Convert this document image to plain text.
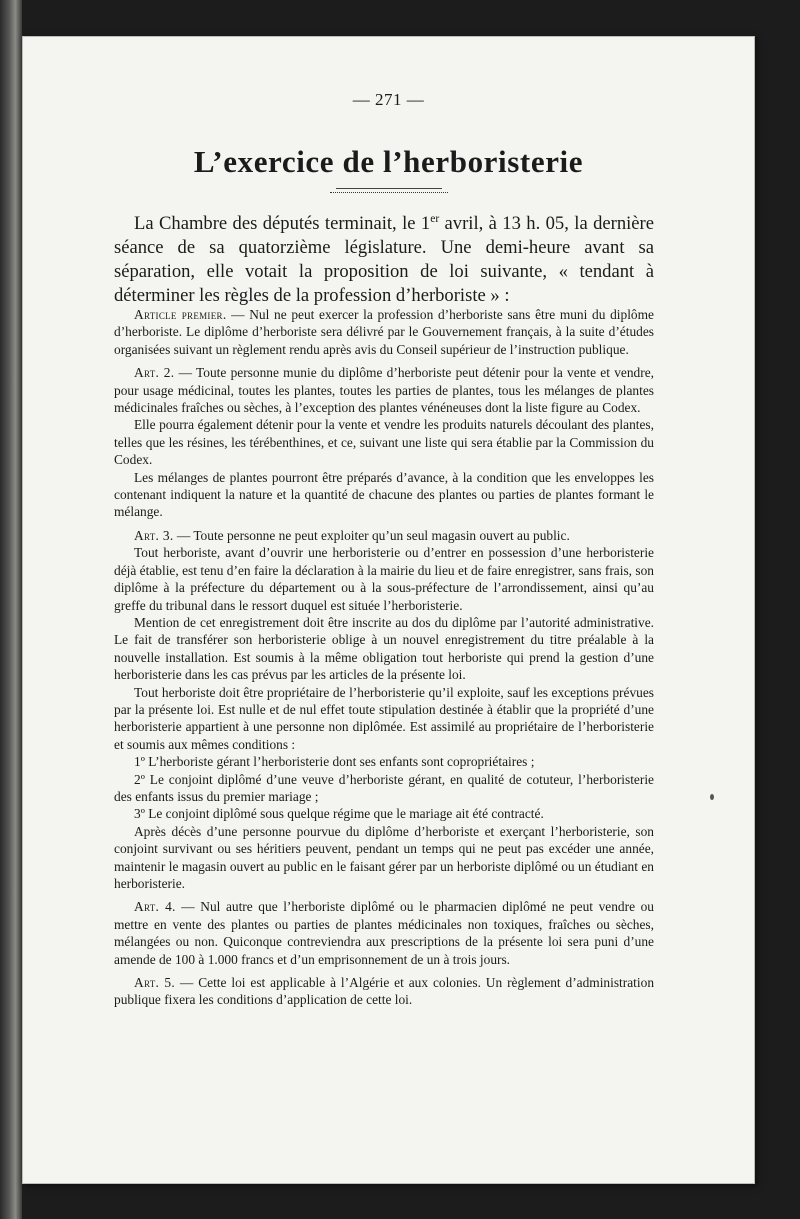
— 271 —
L’exercice de l’herboristerie
La Chambre des députés terminait, le 1er avril, à 13 h. 05, la dernière séance de sa quatorzième législature. Une demi-heure avant sa séparation, elle votait la proposition de loi suivante, « tendant à déterminer les règles de la profession d’herboriste » :

Article premier. — Nul ne peut exercer la profession d’herboriste sans être muni du diplôme d’herboriste. Le diplôme d’herboriste sera délivré par le Gouvernement français, à la suite d’études organisées suivant un règlement rendu après avis du Conseil supérieur de l’instruction publique.

Art. 2. — Toute personne munie du diplôme d’herboriste peut détenir pour la vente et vendre, pour usage médicinal, toutes les plantes, toutes les parties de plantes, tous les mélanges de plantes médicinales fraîches ou sèches, à l’exception des plantes vénéneuses dont la liste figure au Codex.

Elle pourra également détenir pour la vente et vendre les produits naturels découlant des plantes, telles que les résines, les térébenthines, et ce, suivant une liste qui sera établie par la Commission du Codex.

Les mélanges de plantes pourront être préparés d’avance, à la condition que les enveloppes les contenant indiquent la nature et la quantité de chacune des plantes ou parties de plantes formant le mélange.

Art. 3. — Toute personne ne peut exploiter qu’un seul magasin ouvert au public.

Tout herboriste, avant d’ouvrir une herboristerie ou d’entrer en possession d’une herboristerie déjà établie, est tenu d’en faire la déclaration à la mairie du lieu et de faire enregistrer, sans frais, son diplôme à la préfecture du département ou à la sous-préfecture de l’arrondissement, ainsi qu’au greffe du tribunal dans le ressort duquel est située l’herboristerie.

Mention de cet enregistrement doit être inscrite au dos du diplôme par l’autorité administrative. Le fait de transférer son herboristerie oblige à un nouvel enregistrement du titre préalable à la nouvelle installation. Est soumis à la même obligation tout herboriste qui prend la gestion d’une herboristerie dans les cas prévus par les articles de la présente loi.

Tout herboriste doit être propriétaire de l’herboristerie qu’il exploite, sauf les exceptions prévues par la présente loi. Est nulle et de nul effet toute stipulation destinée à établir que la propriété d’une herboristerie appartient à une personne non diplômée. Est assimilé au propriétaire de l’herboristerie et soumis aux mêmes conditions :

1º L’herboriste gérant l’herboristerie dont ses enfants sont copropriétaires ;

2º Le conjoint diplômé d’une veuve d’herboriste gérant, en qualité de cotuteur, l’herboristerie des enfants issus du premier mariage ;

3º Le conjoint diplômé sous quelque régime que le mariage ait été contracté.

Après décès d’une personne pourvue du diplôme d’herboriste et exerçant l’herboristerie, son conjoint survivant ou ses héritiers peuvent, pendant un temps qui ne peut pas excéder une année, maintenir le magasin ouvert au public en le faisant gérer par un herboriste diplômé ou un étudiant en herboristerie.

Art. 4. — Nul autre que l’herboriste diplômé ou le pharmacien diplômé ne peut vendre ou mettre en vente des plantes ou parties de plantes médicinales non toxiques, fraîches ou sèches, mélangées ou non. Quiconque contreviendra aux prescriptions de la présente loi sera puni d’une amende de 100 à 1.000 francs et d’un emprisonnement de un à trois jours.

Art. 5. — Cette loi est applicable à l’Algérie et aux colonies. Un règlement d’administration publique fixera les conditions d’application de cette loi.
